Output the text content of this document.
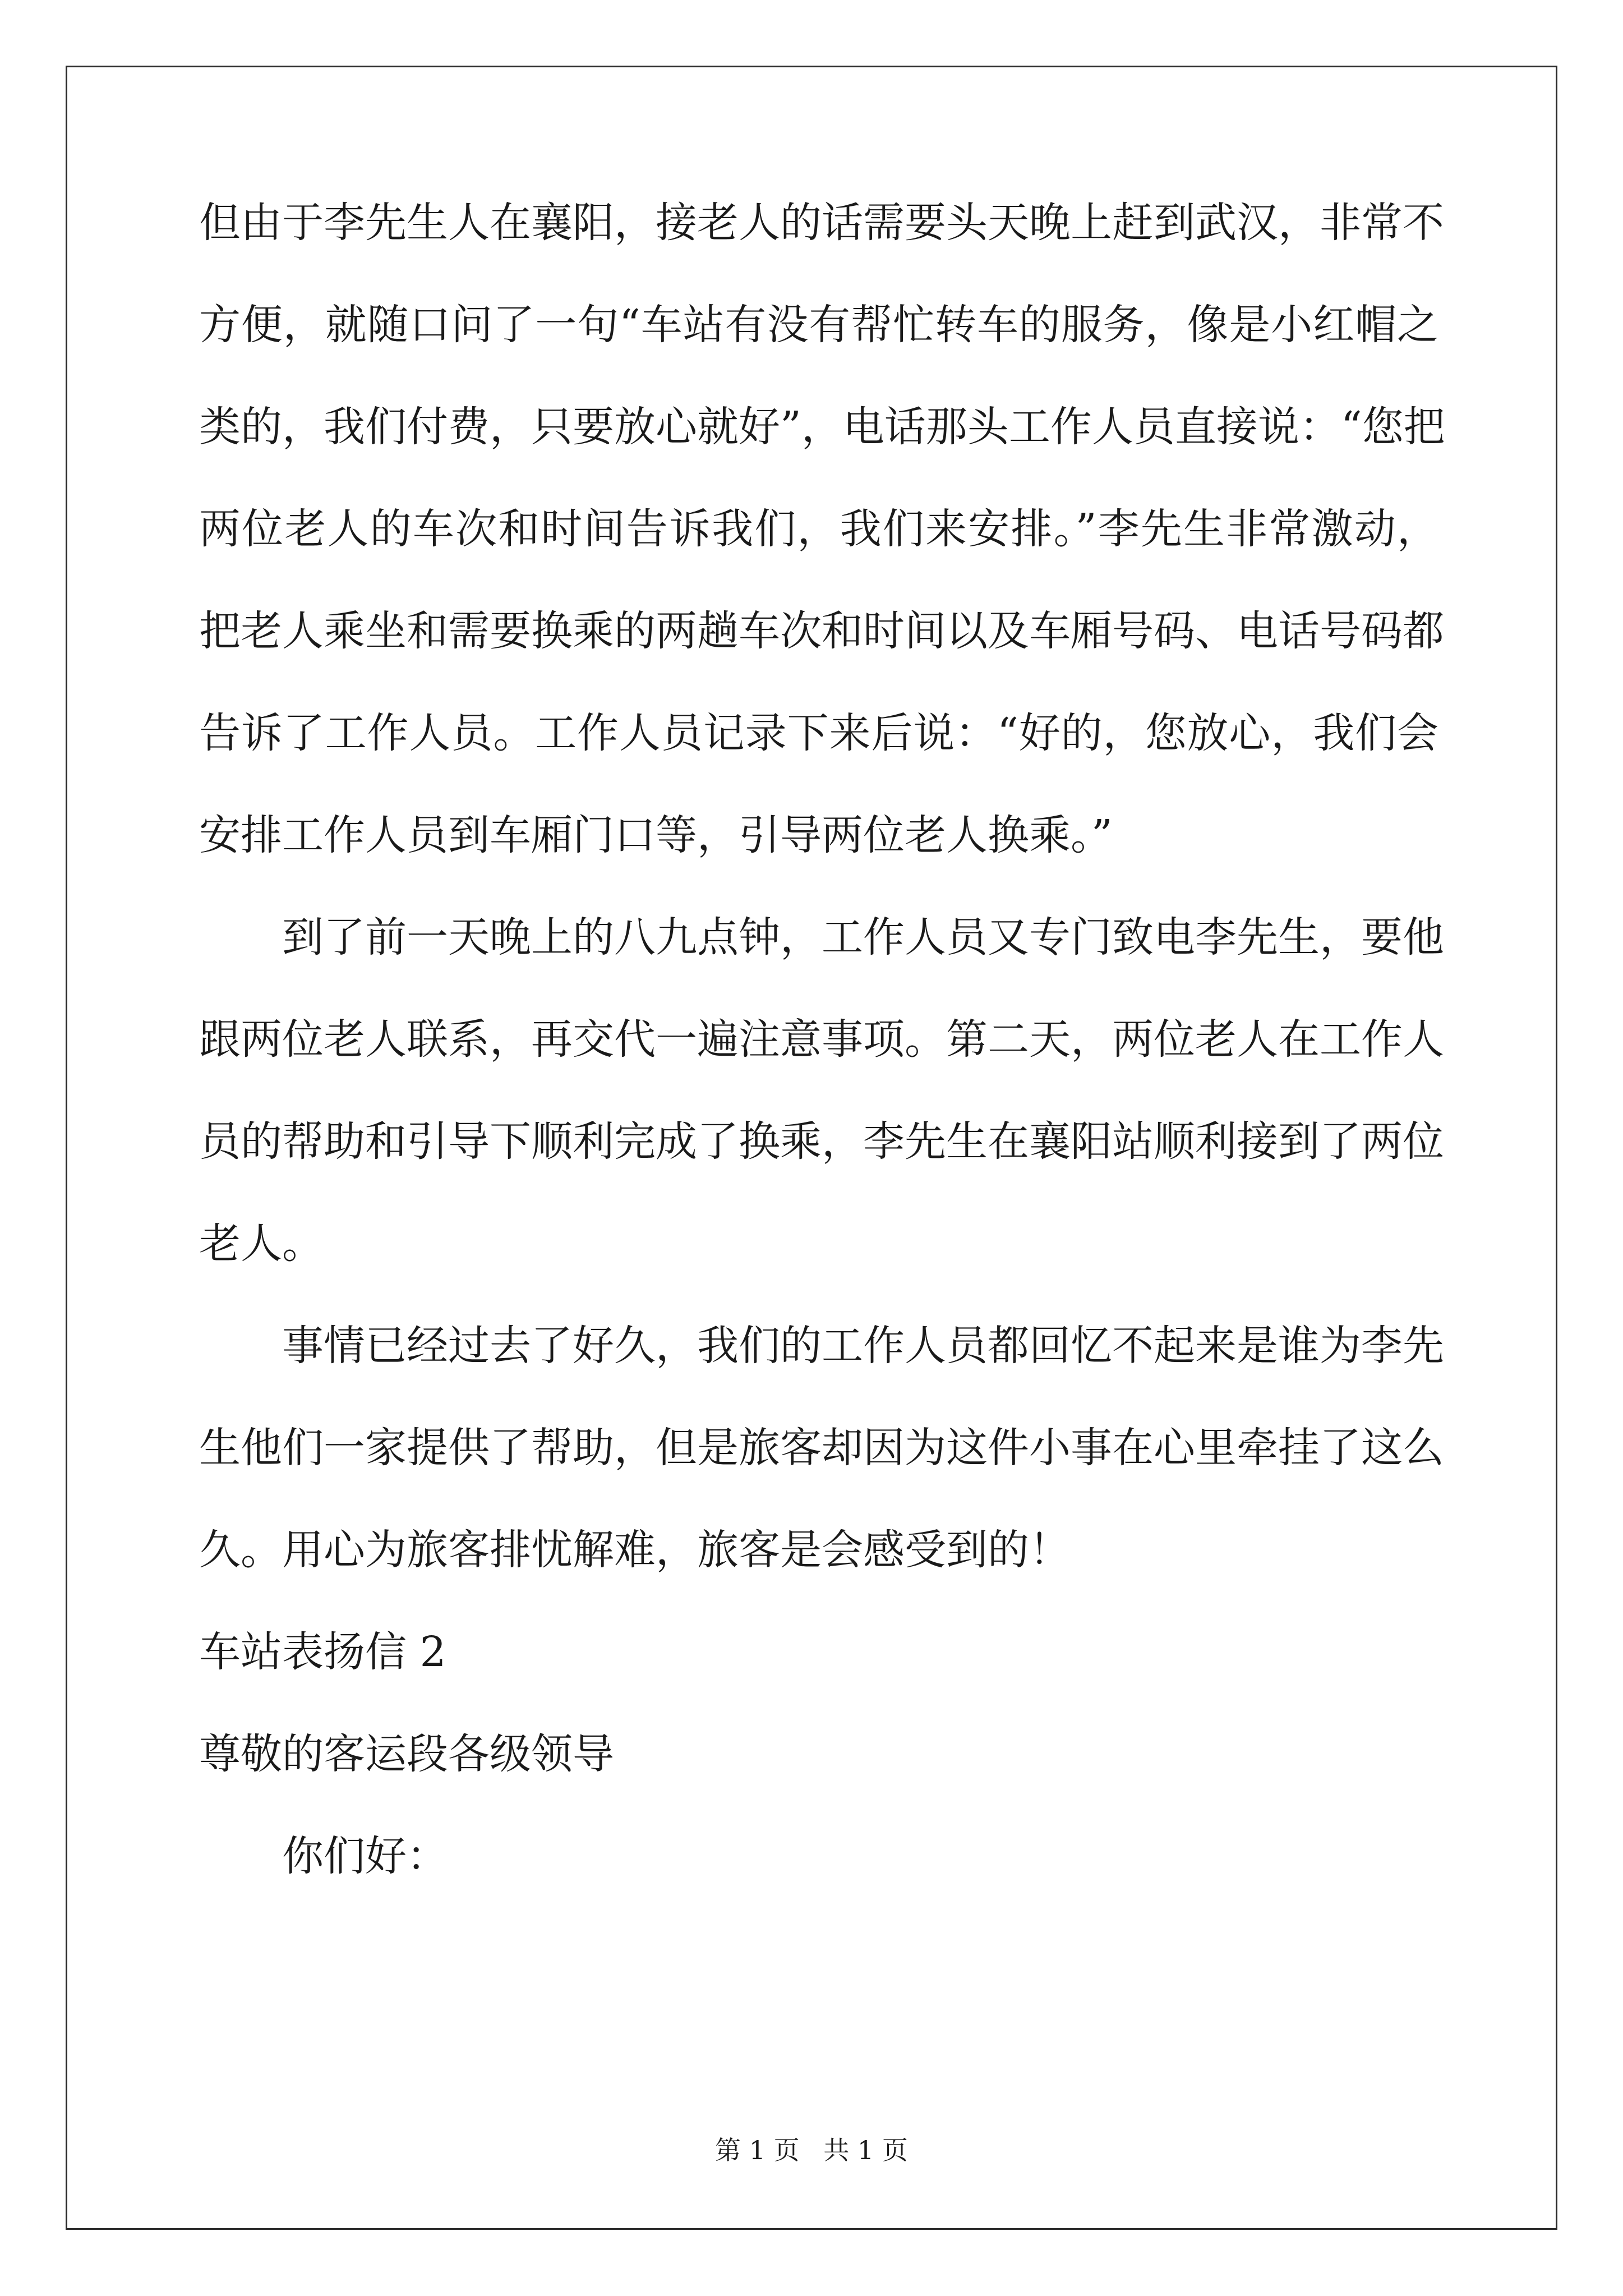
但由于李先生人在襄阳，接老人的话需要头天晚上赶到武汉，非常不
方便，就随口问了一句“车站有没有帮忙转车的服务，像是小红帽之
类的，我们付费，只要放心就好”，电话那头工作人员直接说：“您把
两位老人的车次和时间告诉我们，我们来安排。”李先生非常激动，
把老人乘坐和需要换乘的两趟车次和时间以及车厢号码、电话号码都
告诉了工作人员。工作人员记录下来后说：“好的，您放心，我们会
安排工作人员到车厢门口等，引导两位老人换乘。”
到了前一天晚上的八九点钟，工作人员又专门致电李先生，要他
跟两位老人联系，再交代一遍注意事项。第二天，两位老人在工作人
员的帮助和引导下顺利完成了换乘，李先生在襄阳站顺利接到了两位
老人。
事情已经过去了好久，我们的工作人员都回忆不起来是谁为李先
生他们一家提供了帮助，但是旅客却因为这件小事在心里牵挂了这么
久。用心为旅客排忧解难，旅客是会感受到的！
车站表扬信 2
尊敬的客运段各级领导
你们好：
第 1 页 共 1 页
